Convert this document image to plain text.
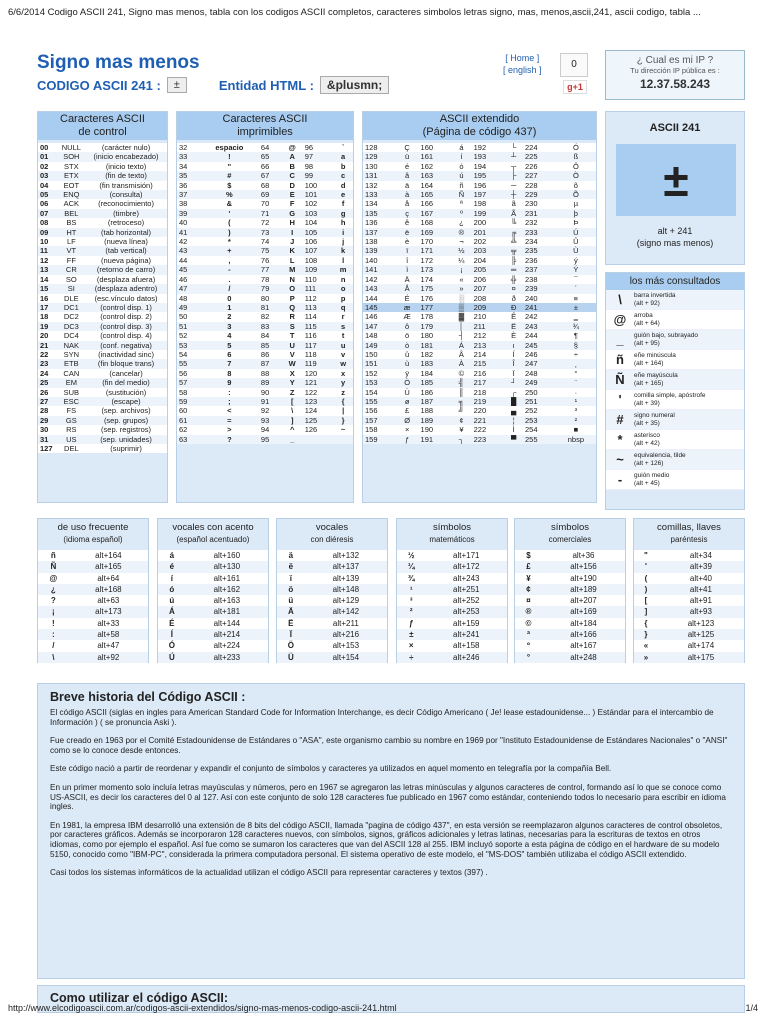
6/6/2014 Codigo ASCII 241, Signo mas menos, tabla con los codigos ASCII completos, caracteres simbolos letras signo, mas, menos,ascii,241, ascii codigo, tabla ...
Signo mas menos
CODIGO ASCII 241 :	±	Entidad HTML :	&plusmn;
[ Home ]
[ english ]	0
g+1
¿ Cual es mi IP ?
Tu dirección IP pública es :
12.37.58.243
Caracteres ASCII
de control
00	NULL	(carácter nulo)
01	SOH	(inicio encabezado)
02	STX	(inicio texto)
03	ETX	(fin de texto)
04	EOT	(fin transmisión)
05	ENQ	(consulta)
06	ACK	(reconocimiento)
07	BEL	(timbre)
08	BS	(retroceso)
09	HT	(tab horizontal)
10	LF	(nueva línea)
11	VT	(tab vertical)
12	FF	(nueva página)
13	CR	(retorno de carro)
14	SO	(desplaza afuera)
15	SI	(desplaza adentro)
16	DLE	(esc.vínculo datos)
17	DC1	(control disp. 1)
18	DC2	(control disp. 2)
19	DC3	(control disp. 3)
20	DC4	(control disp. 4)
21	NAK	(conf. negativa)
22	SYN	(inactividad sinc)
23	ETB	(fin bloque trans)
24	CAN	(cancelar)
25	EM	(fin del medio)
26	SUB	(sustitución)
27	ESC	(escape)
28	FS	(sep. archivos)
29	GS	(sep. grupos)
30	RS	(sep. registros)
31	US	(sep. unidades)
127	DEL	(suprimir)
Caracteres ASCII
imprimibles
32	espacio	64	@	96	`
33	!	65	A	97	a
34	"	66	B	98	b
35	#	67	C	99	c
36	$	68	D	100	d
37	%	69	E	101	e
38	&	70	F	102	f
39	'	71	G	103	g
40	(	72	H	104	h
41	)	73	I	105	i
42	*	74	J	106	j
43	+	75	K	107	k
44	,	76	L	108	l
45	-	77	M	109	m
46	.	78	N	110	n
47	/	79	O	111	o
48	0	80	P	112	p
49	1	81	Q	113	q
50	2	82	R	114	r
51	3	83	S	115	s
52	4	84	T	116	t
53	5	85	U	117	u
54	6	86	V	118	v
55	7	87	W	119	w
56	8	88	X	120	x
57	9	89	Y	121	y
58	:	90	Z	122	z
59	;	91	[	123	{
60	<	92	\	124	|
61	=	93	]	125	}
62	>	94	^	126	~
63	?	95	_		
ASCII extendido
(Página de código 437)
128	Ç	160	á	192	└	224	Ó
129	ü	161	í	193	┴	225	ß
130	é	162	ó	194	┬	226	Ô
131	â	163	ú	195	├	227	Ò
132	ä	164	ñ	196	─	228	õ
133	à	165	Ñ	197	┼	229	Õ
134	å	166	ª	198	ã	230	µ
135	ç	167	º	199	Ã	231	þ
136	ê	168	¿	200	╚	232	Þ
137	ë	169	®	201	╔	233	Ú
138	è	170	¬	202	╩	234	Û
139	ï	171	½	203	╦	235	Ù
140	î	172	¼	204	╠	236	ý
141	ì	173	¡	205	═	237	Ý
142	Ä	174	«	206	╬	238	¯
143	Å	175	»	207	¤	239	´
144	É	176	░	208	ð	240	≡
145	æ	177	▒	209	Ð	241	±
146	Æ	178	▓	210	Ê	242	‗
147	ô	179	│	211	Ë	243	¾
148	ö	180	┤	212	È	244	¶
149	ò	181	Á	213	ı	245	§
150	û	182	Â	214	Í	246	÷
151	ù	183	À	215	Î	247	¸
152	ÿ	184	©	216	Ï	248	°
153	Ö	185	╣	217	┘	249	¨
154	Ü	186	║	218	┌	250	·
155	ø	187	╗	219	█	251	¹
156	£	188	╝	220	▄	252	³
157	Ø	189	¢	221	¦	253	²
158	×	190	¥	222	Ì	254	■
159	ƒ	191	┐	223	▀	255	nbsp
ASCII 241
±
alt + 241
(signo mas menos)
los más consultados
\	barra invertida
(alt + 92)
@	arroba
(alt + 64)
_	guión bajo, subrayado
(alt + 95)
ñ	eñe minúscula
(alt + 164)
Ñ	eñe mayúscula
(alt + 165)
'	comilla simple, apóstrofe
(alt + 39)
#	signo numeral
(alt + 35)
*	asterisco
(alt + 42)
~	equivalencia, tilde
(alt + 126)
-	guión medio
(alt + 45)
de uso frecuente
(idioma español)
ñ	alt+164
Ñ	alt+165
@	alt+64
¿	alt+168
?	alt+63
¡	alt+173
!	alt+33
:	alt+58
/	alt+47
\	alt+92
vocales con acento
(español acentuado)
á	alt+160
é	alt+130
í	alt+161
ó	alt+162
ú	alt+163
Á	alt+181
É	alt+144
Í	alt+214
Ó	alt+224
Ú	alt+233
vocales
con diéresis
ä	alt+132
ë	alt+137
ï	alt+139
ö	alt+148
ü	alt+129
Ä	alt+142
Ë	alt+211
Ï	alt+216
Ö	alt+153
Ü	alt+154
símbolos
matemáticos
½	alt+171
¼	alt+172
¾	alt+243
¹	alt+251
³	alt+252
²	alt+253
ƒ	alt+159
±	alt+241
×	alt+158
÷	alt+246
símbolos
comerciales
$	alt+36
£	alt+156
¥	alt+190
¢	alt+189
¤	alt+207
®	alt+169
©	alt+184
ª	alt+166
º	alt+167
°	alt+248
comillas, llaves
paréntesis
"	alt+34
'	alt+39
(	alt+40
)	alt+41
[	alt+91
]	alt+93
{	alt+123
}	alt+125
«	alt+174
»	alt+175
Breve historia del Código ASCII :

El código ASCII (siglas en ingles para American Standard Code for Information Interchange, es decir Código Americano ( Je! lease estadounidense... ) Estándar para el intercambio de Información ) ( se pronuncia Aski ).

Fue creado en 1963 por el Comité Estadounidense de Estándares o "ASA", este organismo cambio su nombre en 1969 por "Instituto Estadounidense de Estándares Nacionales" o "ANSI" como se lo conoce desde entonces.

Este código nació a partir de reordenar y expandir el conjunto de símbolos y caracteres ya utilizados en aquel momento en telegrafía por la compañía Bell.

En un primer momento solo incluía letras mayúsculas y números, pero en 1967 se agregaron las letras minúsculas y algunos caracteres de control, formando así lo que se conoce como US-ASCII, es decir los caracteres del 0 al 127. Así con este conjunto de solo 128 caracteres fue publicado en 1967 como estándar, conteniendo todos lo necesario para escribir en idioma ingles.

En 1981, la empresa IBM desarrolló una extensión de 8 bits del código ASCII, llamada "pagina de código 437", en esta versión se reemplazaron algunos caracteres de control obsoletos, por caracteres gráficos. Además se incorporaron 128 caracteres nuevos, con símbolos, signos, gráficos adicionales y letras latinas, necesarias para la escrituras de textos en otros idiomas, como por ejemplo el español. Así fue como se sumaron los caracteres que van del ASCII 128 al 255. IBM incluyó soporte a esta página de código en el hardware de su modelo 5150, conocido como "IBM-PC", considerada la primera computadora personal. El sistema operativo de este modelo, el "MS-DOS" también utilizaba el código ASCII extendido.

Casi todos los sistemas informáticos de la actualidad utilizan el código ASCII para representar caracteres y textos (397) .

Como utilizar el código ASCII:
http://www.elcodigoascii.com.ar/codigos-ascii-extendidos/signo-mas-menos-codigo-ascii-241.html	1/4
